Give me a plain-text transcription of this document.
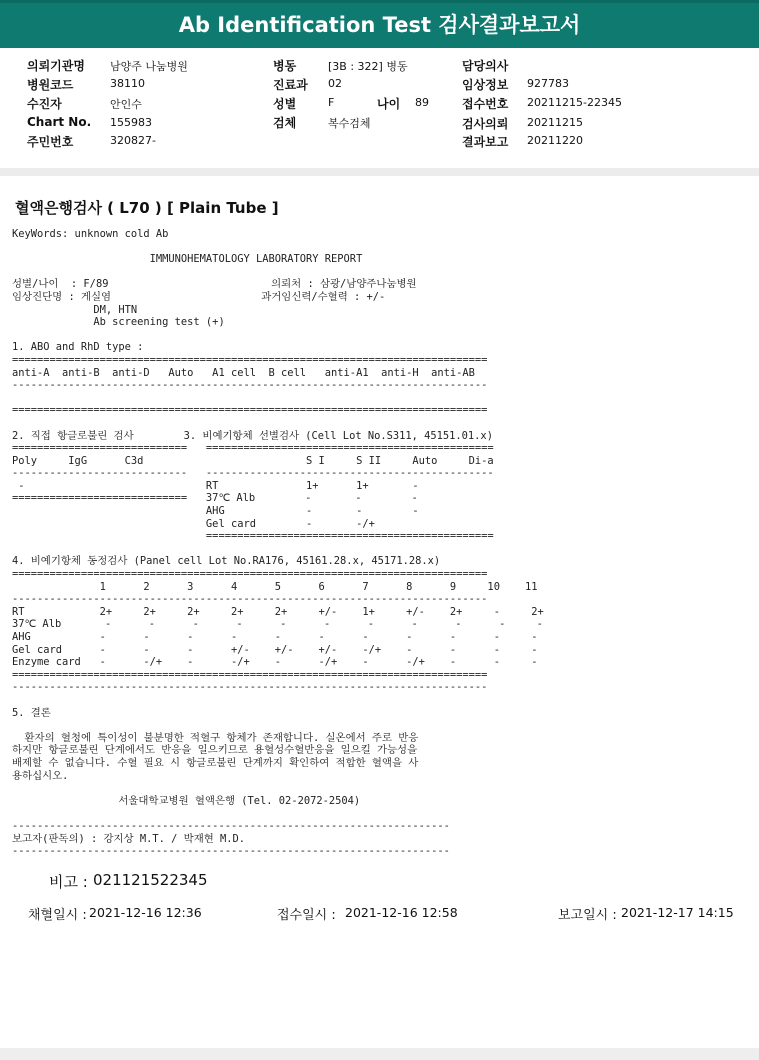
Ab Identification Test 검사결과보고서
의뢰기관명 남양주 나눔병원
병원코드	38110
수진자	안인수
Chart No. 155983
주민번호	320827-
병동	[3B : 322] 병동
진료과 02
성별	F	나이 89
검체	복수검체
담당의사
임상정보 927783
접수번호 20211215-22345
검사의뢰 20211215
결과보고 20211220
혈액은행검사 ( L70 ) [ Plain Tube ]
KeyWords: unknown cold Ab

IMMUNOHEMATOLOGY LABORATORY REPORT

성별/나이  : F/89                          의뢰처 : 삼광/남양주나눔병원
임상진단명 : 게실염                        과거임신력/수혈력 : +/-
DM, HTN
Ab screening test (+)

1. ABO and RhD type :
============================================================================
anti-A  anti-B  anti-D   Auto   A1 cell  B cell   anti-A1  anti-H  anti-AB
----------------------------------------------------------------------------

============================================================================

2. 직접 항글로불린 검사        3. 비예기항체 선별검사 (Cell Lot No.S311, 45151.01.x)
============================   ==============================================
Poly     IgG      C3d                          S I     S II     Auto     Di-a
----------------------------   ----------------------------------------------
-                             RT              1+      1+       -
============================   37℃ Alb        -       -        -
AHG             -       -        -
Gel card        -       -/+
==============================================

4. 비예기항체 동정검사 (Panel cell Lot No.RA176, 45161.28.x, 45171.28.x)
============================================================================
1      2      3      4      5      6      7      8      9     10    11
----------------------------------------------------------------------------
RT            2+     2+     2+     2+     2+     +/-    1+     +/-    2+     -     2+
37℃ Alb       -      -      -      -      -      -      -      -      -      -     -
AHG           -      -      -      -      -      -      -      -      -      -     -
Gel card      -      -      -      +/-    +/-    +/-    -/+    -      -      -     -
Enzyme card   -      -/+    -      -/+    -      -/+    -      -/+    -      -     -
============================================================================
----------------------------------------------------------------------------

5. 결론

환자의 혈청에 특이성이 불분명한 적혈구 항체가 존재합니다. 실온에서 주로 반응
하지만 항글로불린 단계에서도 반응을 일으키므로 용혈성수혈반응을 일으킬 가능성을
배제할 수 없습니다. 수혈 필요 시 항글로불린 단계까지 확인하여 적합한 혈액을 사
용하십시오.

서울대학교병원 혈액은행 (Tel. 02-2072-2504)

----------------------------------------------------------------------
보고자(판독의) : 강지상 M.T. / 박재현 M.D.
----------------------------------------------------------------------
비고 : 021121522345
채혈일시 : 2021-12-16 12:36	접수일시 : 2021-12-16 12:58	보고일시 : 2021-12-17 14:15
